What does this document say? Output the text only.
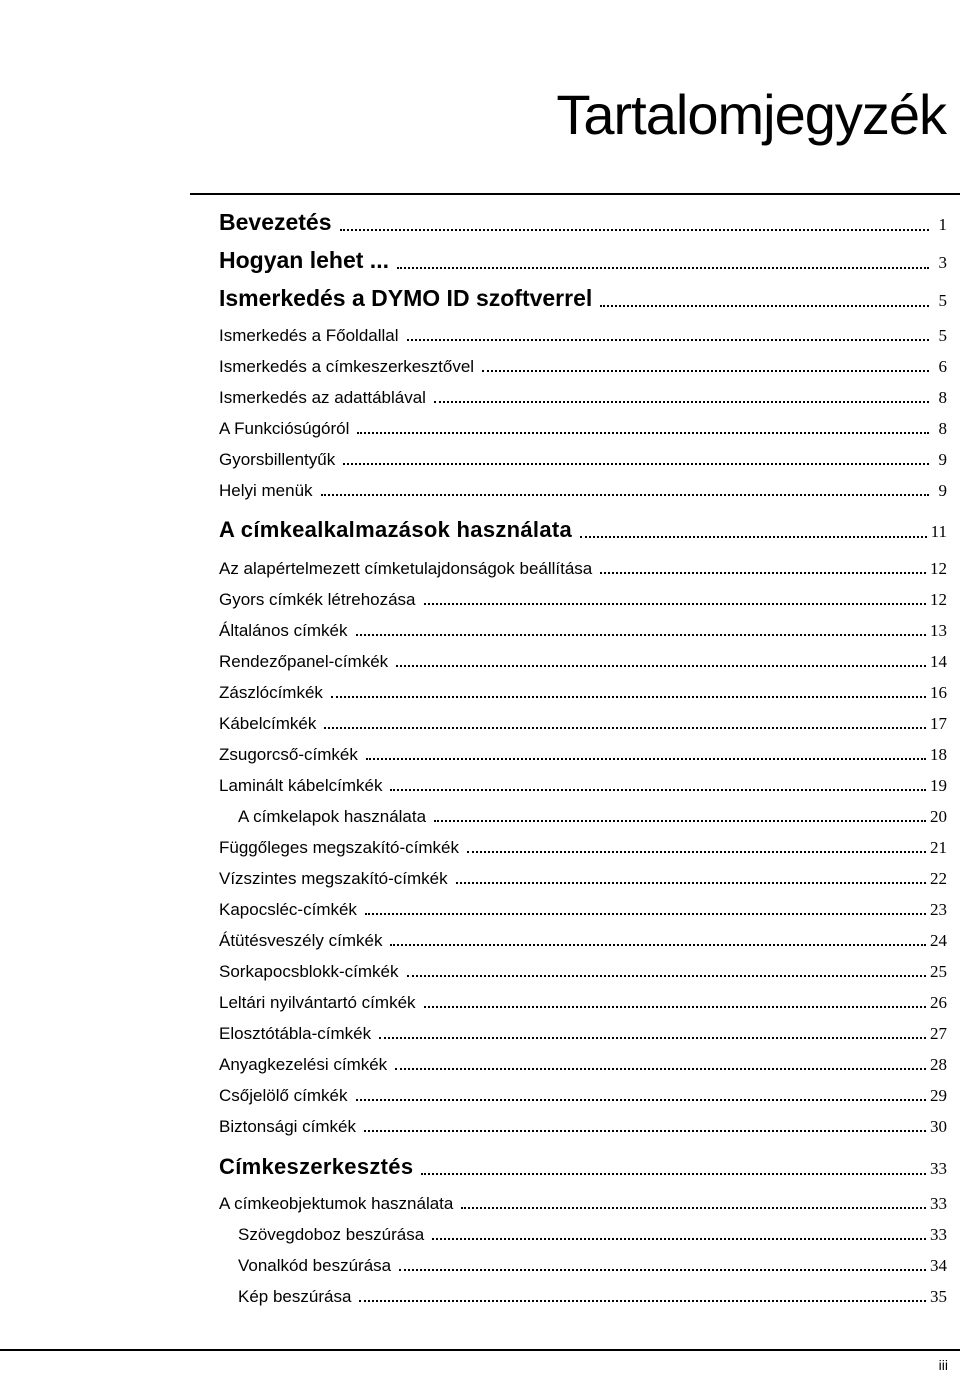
Tartalomjegyzék
Bevezetés	1
Hogyan lehet ...	3
Ismerkedés a DYMO ID szoftverrel	5
Ismerkedés a Főoldallal	5
Ismerkedés a címkeszerkesztővel	6
Ismerkedés az adattáblával	8
A Funkciósúgóról	8
Gyorsbillentyűk	9
Helyi menük	9
A címkealkalmazások használata	11
Az alapértelmezett címketulajdonságok beállítása	12
Gyors címkék létrehozása	12
Általános címkék	13
Rendezőpanel-címkék	14
Zászlócímkék	16
Kábelcímkék	17
Zsugorcső-címkék	18
Laminált kábelcímkék	19
A címkelapok használata	20
Függőleges megszakító-címkék	21
Vízszintes megszakító-címkék	22
Kapocsléc-címkék	23
Átütésveszély címkék	24
Sorkapocsblokk-címkék	25
Leltári nyilvántartó címkék	26
Elosztótábla-címkék	27
Anyagkezelési címkék	28
Csőjelölő címkék	29
Biztonsági címkék	30
Címkeszerkesztés	33
A címkeobjektumok használata	33
Szövegdoboz beszúrása	33
Vonalkód beszúrása	34
Kép beszúrása	35
iii
